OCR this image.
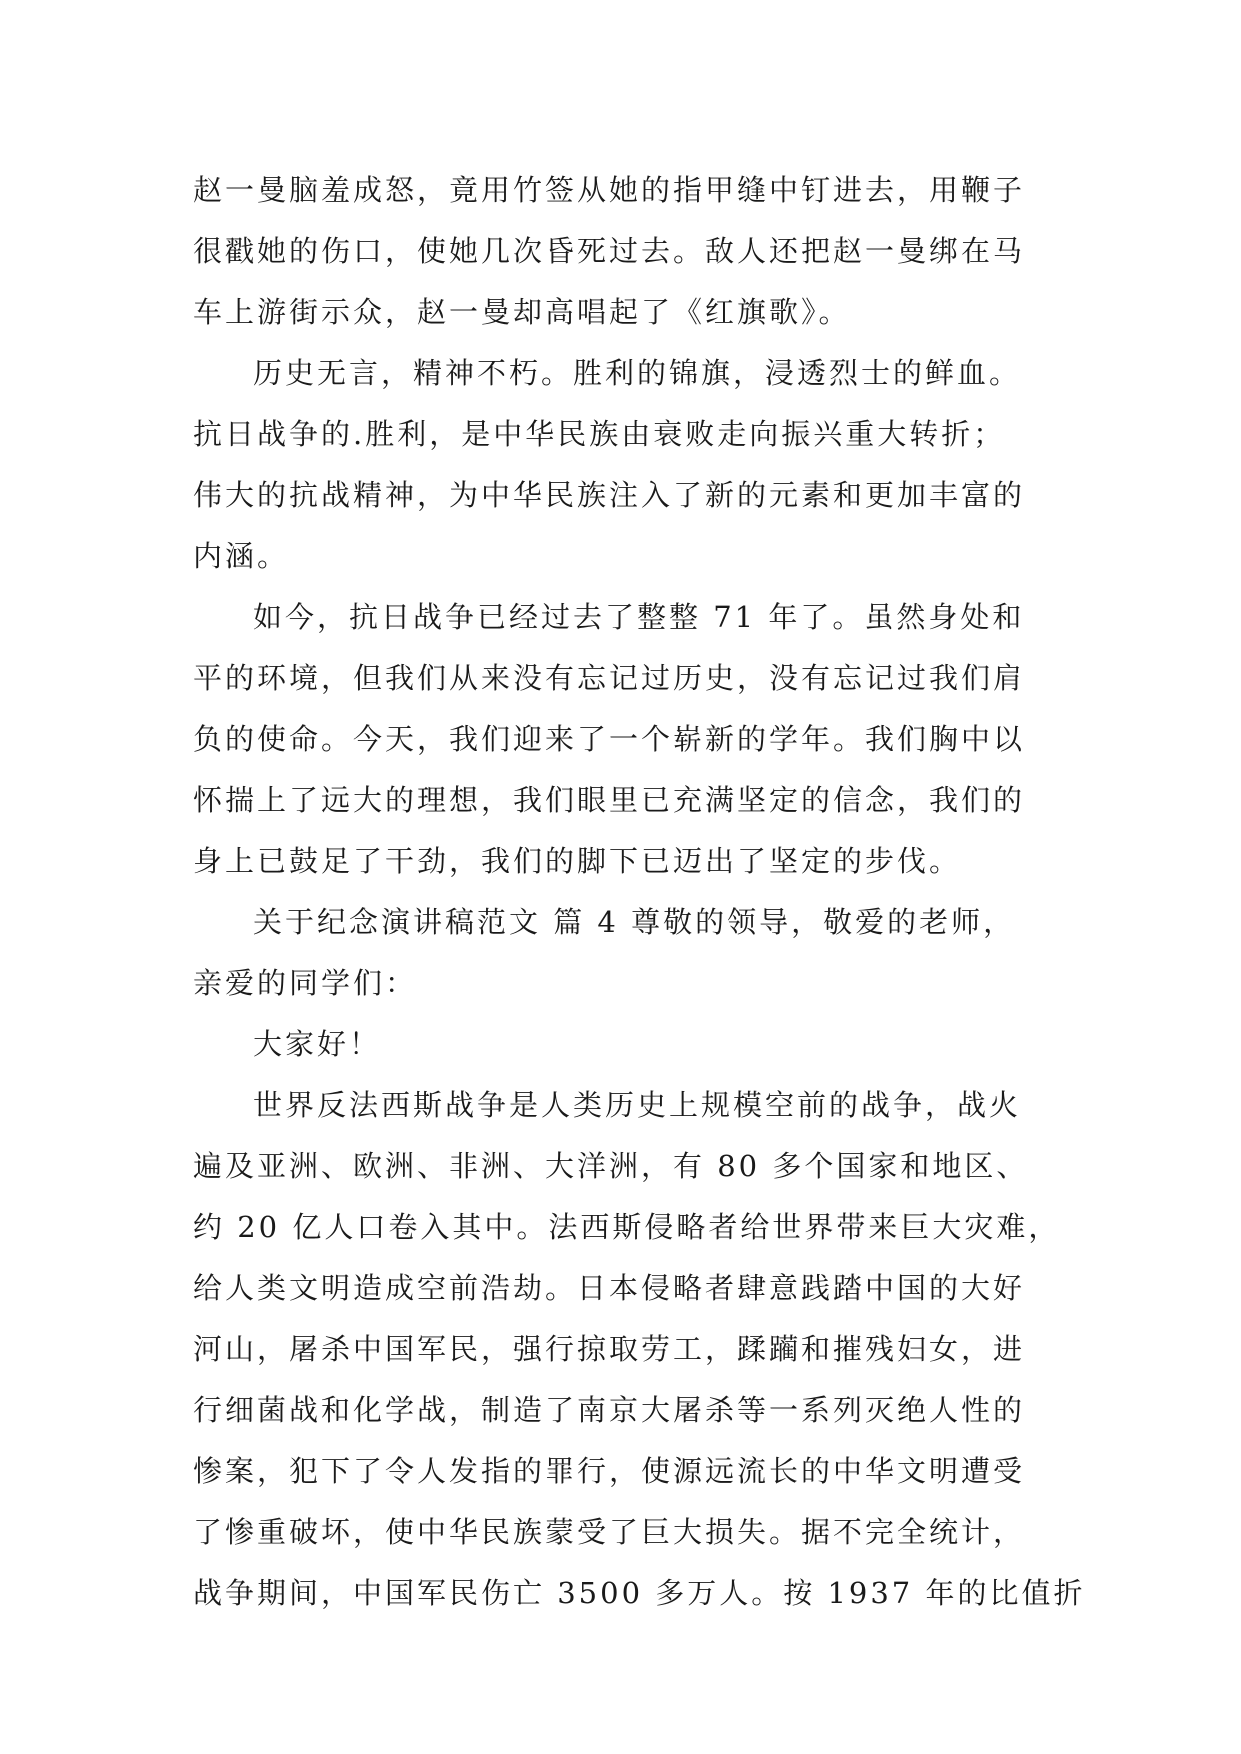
赵一曼脑羞成怒，竟用竹签从她的指甲缝中钉进去，用鞭子
很戳她的伤口，使她几次昏死过去。敌人还把赵一曼绑在马
车上游街示众，赵一曼却高唱起了《红旗歌》。
历史无言，精神不朽。胜利的锦旗，浸透烈士的鲜血。
抗日战争的.胜利，是中华民族由衰败走向振兴重大转折；
伟大的抗战精神，为中华民族注入了新的元素和更加丰富的
内涵。
如今，抗日战争已经过去了整整 71 年了。虽然身处和
平的环境，但我们从来没有忘记过历史，没有忘记过我们肩
负的使命。今天，我们迎来了一个崭新的学年。我们胸中以
怀揣上了远大的理想，我们眼里已充满坚定的信念，我们的
身上已鼓足了干劲，我们的脚下已迈出了坚定的步伐。
关于纪念演讲稿范文 篇 4 尊敬的领导，敬爱的老师，
亲爱的同学们：
大家好！
世界反法西斯战争是人类历史上规模空前的战争，战火
遍及亚洲、欧洲、非洲、大洋洲，有 80 多个国家和地区、
约 20 亿人口卷入其中。法西斯侵略者给世界带来巨大灾难，
给人类文明造成空前浩劫。日本侵略者肆意践踏中国的大好
河山，屠杀中国军民，强行掠取劳工，蹂躏和摧残妇女，进
行细菌战和化学战，制造了南京大屠杀等一系列灭绝人性的
惨案，犯下了令人发指的罪行，使源远流长的中华文明遭受
了惨重破坏，使中华民族蒙受了巨大损失。据不完全统计，
战争期间，中国军民伤亡 3500 多万人。按 1937 年的比值折
